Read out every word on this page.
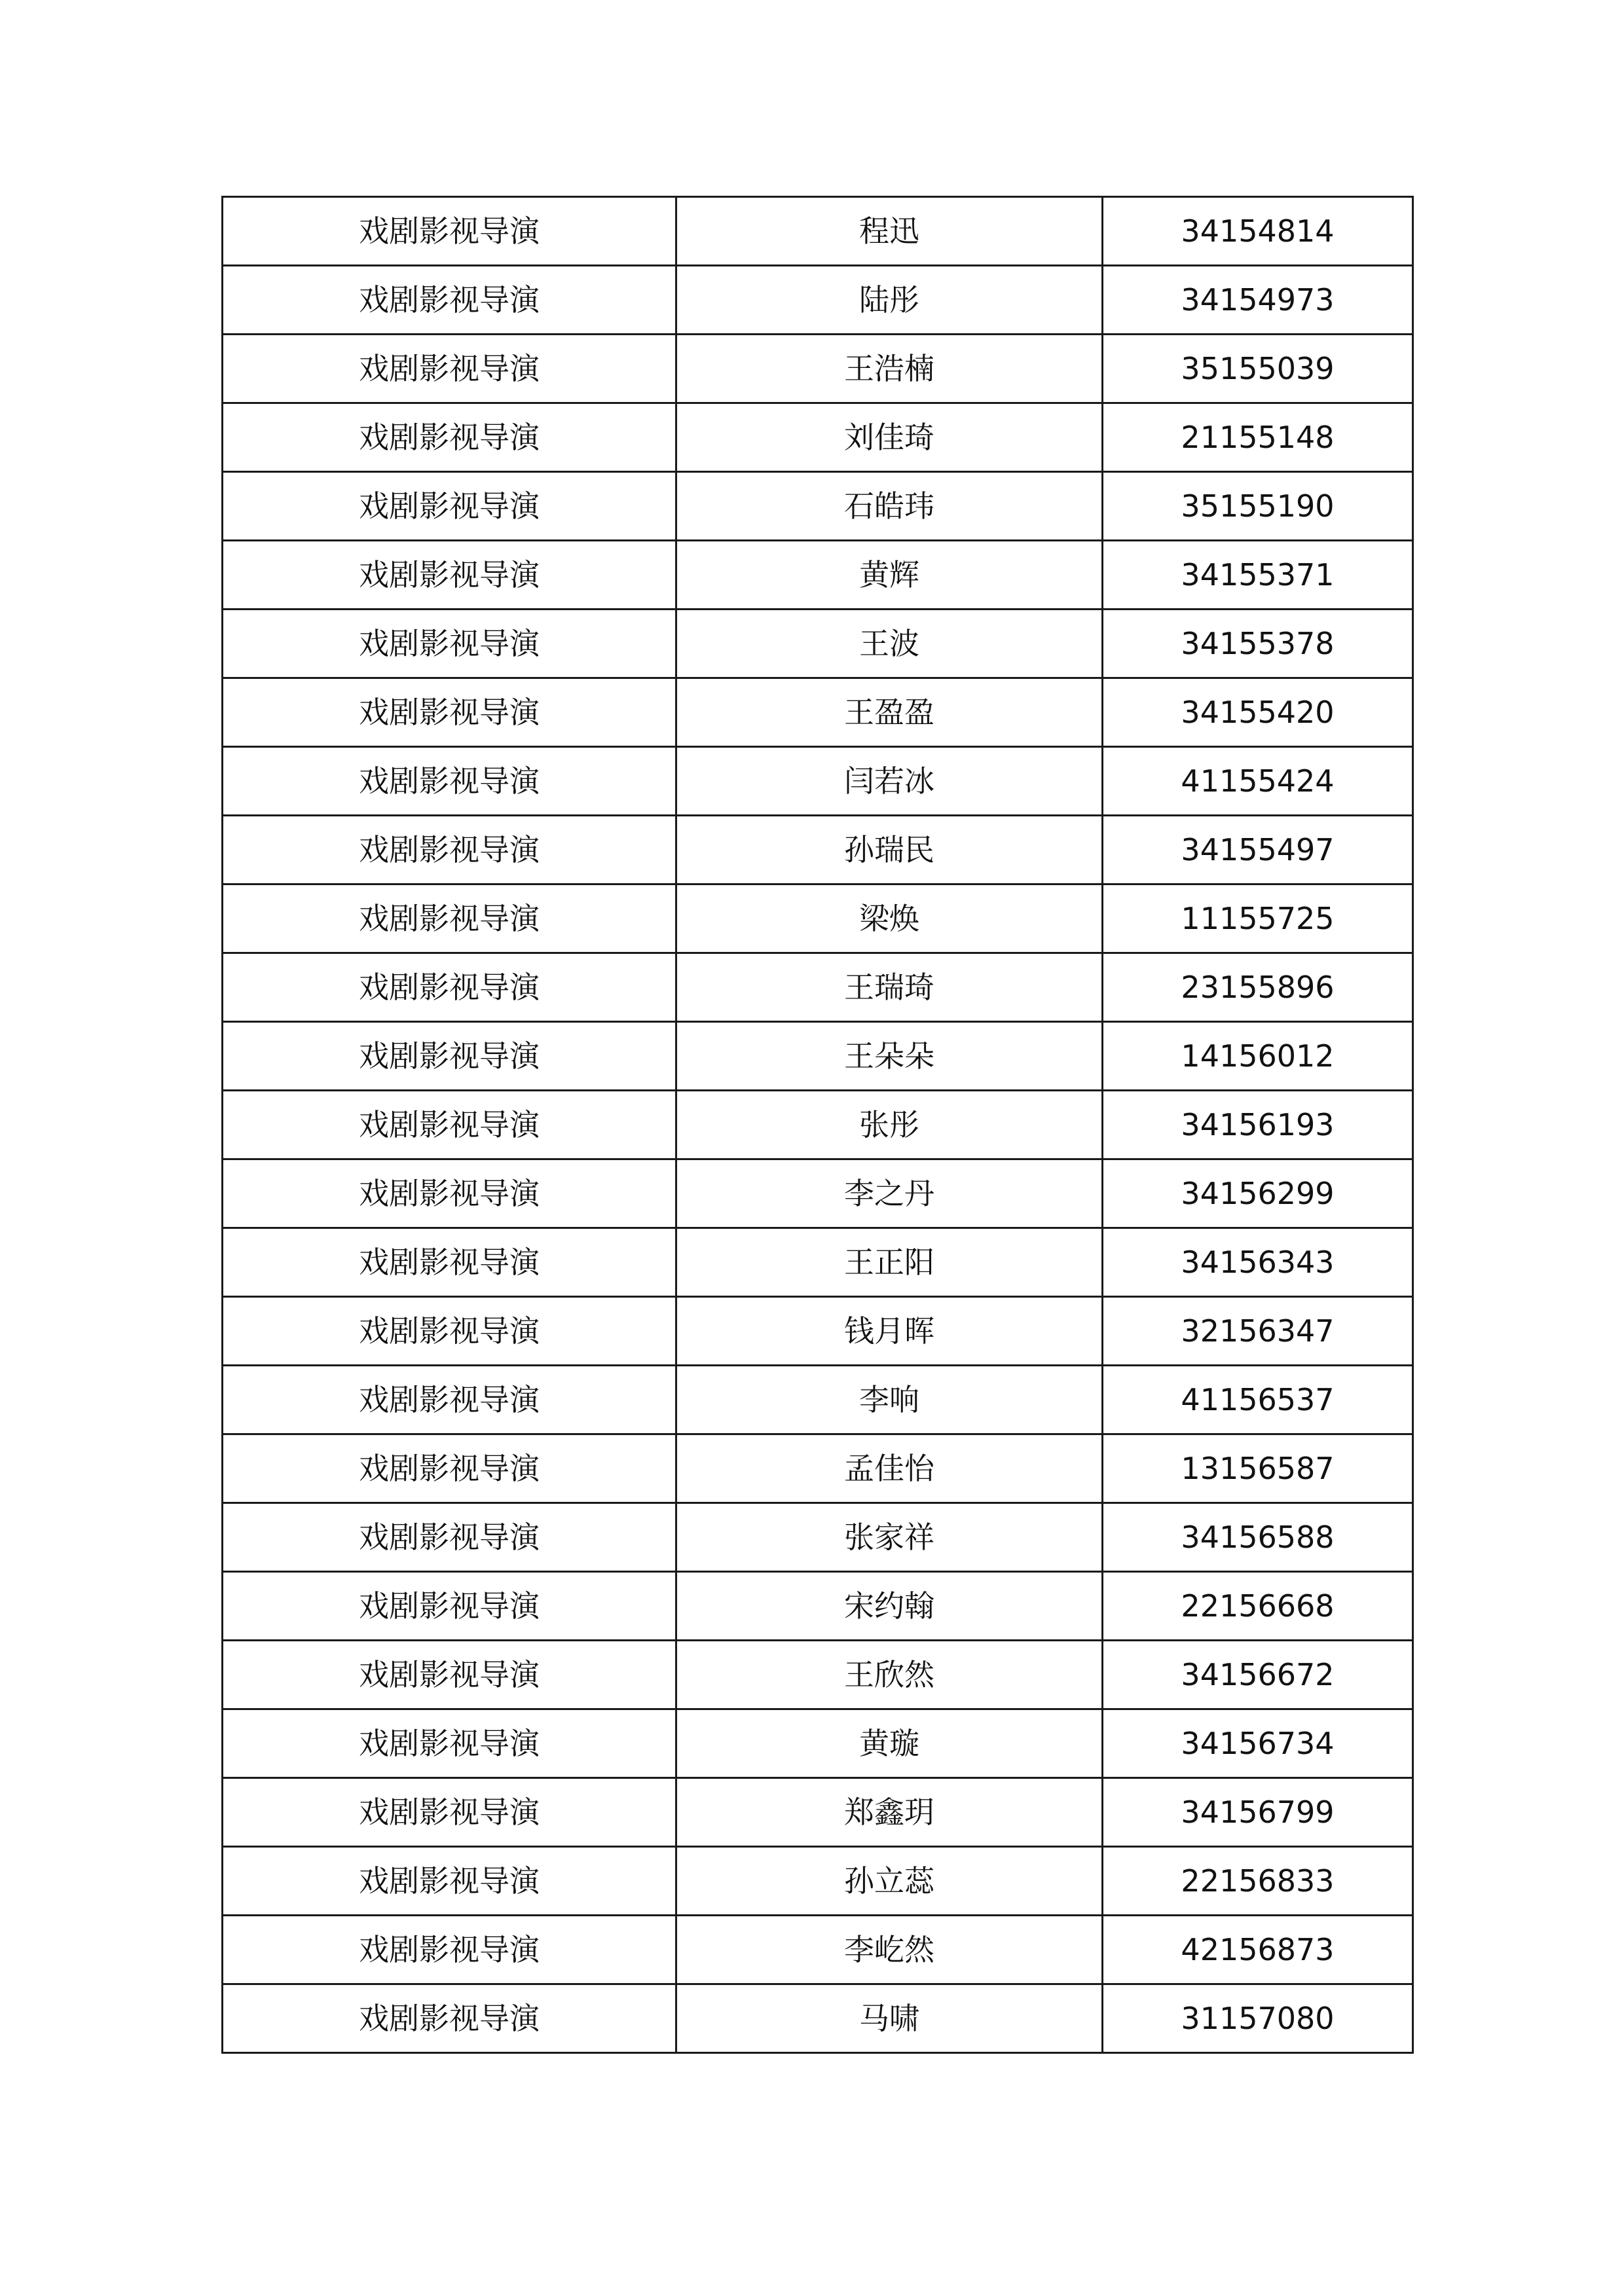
戏剧影视导演	程迅	34154814
戏剧影视导演	陆彤	34154973
戏剧影视导演	王浩楠	35155039
戏剧影视导演	刘佳琦	21155148
戏剧影视导演	石皓玮	35155190
戏剧影视导演	黄辉	34155371
戏剧影视导演	王波	34155378
戏剧影视导演	王盈盈	34155420
戏剧影视导演	闫若冰	41155424
戏剧影视导演	孙瑞民	34155497
戏剧影视导演	梁焕	11155725
戏剧影视导演	王瑞琦	23155896
戏剧影视导演	王朵朵	14156012
戏剧影视导演	张彤	34156193
戏剧影视导演	李之丹	34156299
戏剧影视导演	王正阳	34156343
戏剧影视导演	钱月晖	32156347
戏剧影视导演	李响	41156537
戏剧影视导演	孟佳怡	13156587
戏剧影视导演	张家祥	34156588
戏剧影视导演	宋约翰	22156668
戏剧影视导演	王欣然	34156672
戏剧影视导演	黄璇	34156734
戏剧影视导演	郑鑫玥	34156799
戏剧影视导演	孙立蕊	22156833
戏剧影视导演	李屹然	42156873
戏剧影视导演	马啸	31157080
